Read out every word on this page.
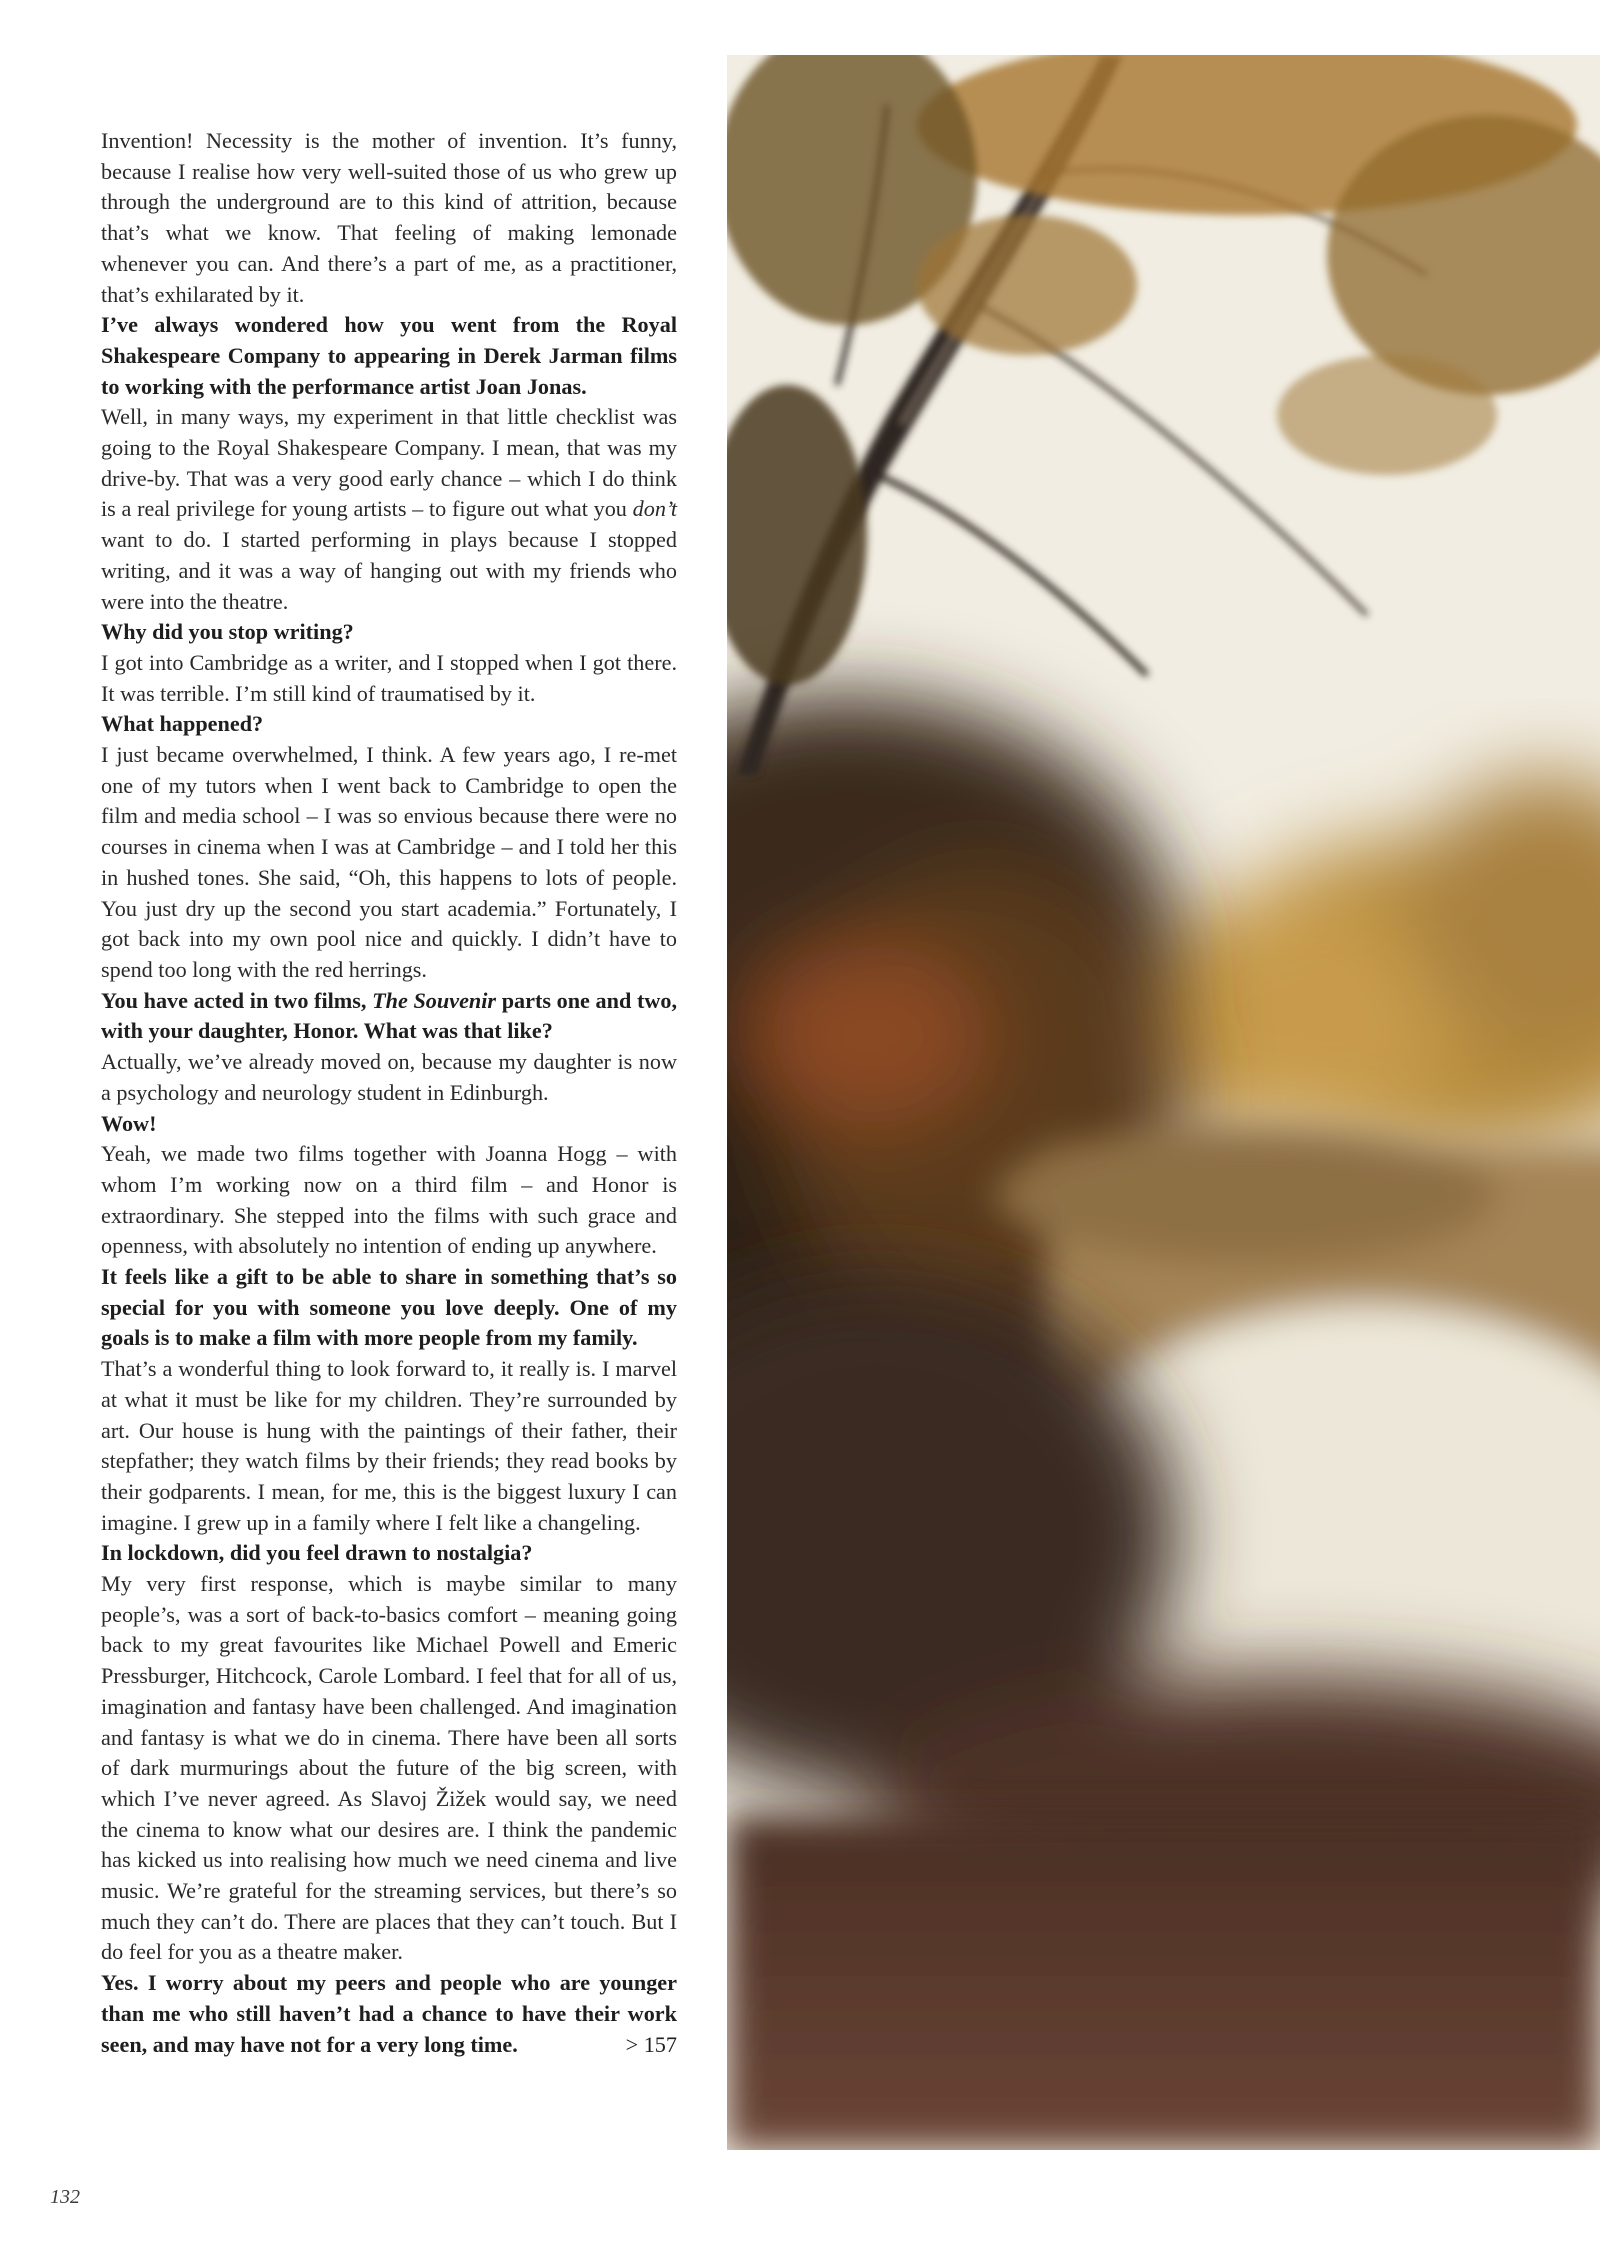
Invention! Necessity is the mother of invention. It’s funny, because I realise how very well-suited those of us who grew up through the underground are to this kind of attrition, because that’s what we know. That feeling of making lemonade whenever you can. And there’s a part of me, as a practitioner, that’s exhilarated by it.

I’ve always wondered how you went from the Royal Shakespeare Company to appearing in Derek Jarman films to working with the performance artist Joan Jonas.

Well, in many ways, my experiment in that little checklist was going to the Royal Shakespeare Company. I mean, that was my drive-by. That was a very good early chance – which I do think is a real privilege for young artists – to figure out what you don’t want to do. I started performing in plays because I stopped writing, and it was a way of hanging out with my friends who were into the theatre.

Why did you stop writing?

I got into Cambridge as a writer, and I stopped when I got there. It was terrible. I’m still kind of traumatised by it.

What happened?

I just became overwhelmed, I think. A few years ago, I re-met one of my tutors when I went back to Cambridge to open the film and media school – I was so envious because there were no courses in cinema when I was at Cambridge – and I told her this in hushed tones. She said, “Oh, this happens to lots of people. You just dry up the second you start academia.” Fortunately, I got back into my own pool nice and quickly. I didn’t have to spend too long with the red herrings.

You have acted in two films, The Souvenir parts one and two, with your daughter, Honor. What was that like?

Actually, we’ve already moved on, because my daughter is now a psychology and neurology student in Edinburgh.

Wow!

Yeah, we made two films together with Joanna Hogg – with whom I’m working now on a third film – and Honor is extraordinary. She stepped into the films with such grace and openness, with absolutely no intention of ending up anywhere.

It feels like a gift to be able to share in something that’s so special for you with someone you love deeply. One of my goals is to make a film with more people from my family.

That’s a wonderful thing to look forward to, it really is. I marvel at what it must be like for my children. They’re surrounded by art. Our house is hung with the paintings of their father, their stepfather; they watch films by their friends; they read books by their godparents. I mean, for me, this is the biggest luxury I can imagine. I grew up in a family where I felt like a changeling.

In lockdown, did you feel drawn to nostalgia?

My very first response, which is maybe similar to many people’s, was a sort of back-to-basics comfort – meaning going back to my great favourites like Michael Powell and Emeric Pressburger, Hitchcock, Carole Lombard. I feel that for all of us, imagination and fantasy have been challenged. And imagination and fantasy is what we do in cinema. There have been all sorts of dark murmurings about the future of the big screen, with which I’ve never agreed. As Slavoj Žižek would say, we need the cinema to know what our desires are. I think the pandemic has kicked us into realising how much we need cinema and live music. We’re grateful for the streaming services, but there’s so much they can’t do. There are places that they can’t touch. But I do feel for you as a theatre maker.

Yes. I worry about my peers and people who are younger than me who still haven’t had a chance to have their work seen, and may have not for a very long time.	> 157

132
